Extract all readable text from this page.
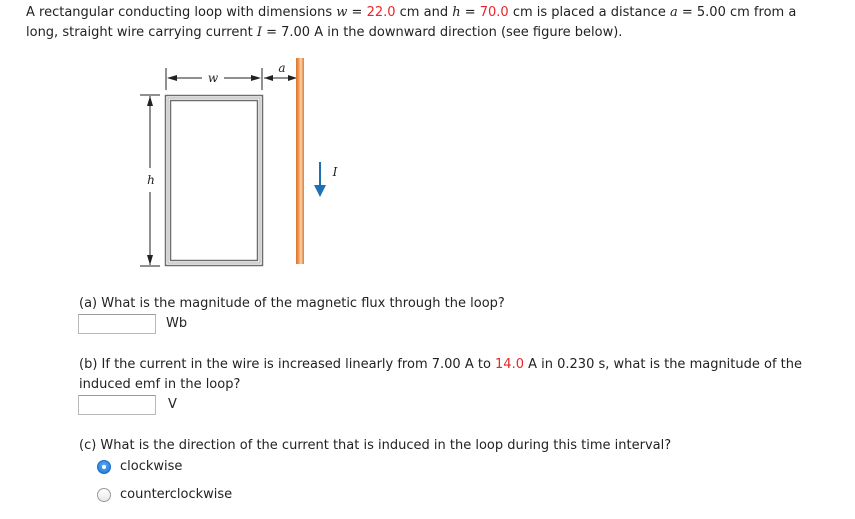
A rectangular conducting loop with dimensions w = 22.0 cm and h = 70.0 cm is placed a distance a = 5.00 cm from a
long, straight wire carrying current I = 7.00 A in the downward direction (see figure below).
w
a
h
I
(a) What is the magnitude of the magnetic flux through the loop?
Wb
(b) If the current in the wire is increased linearly from 7.00 A to 14.0 A in 0.230 s, what is the magnitude of the
induced emf in the loop?
V
(c) What is the direction of the current that is induced in the loop during this time interval?
clockwise
counterclockwise
